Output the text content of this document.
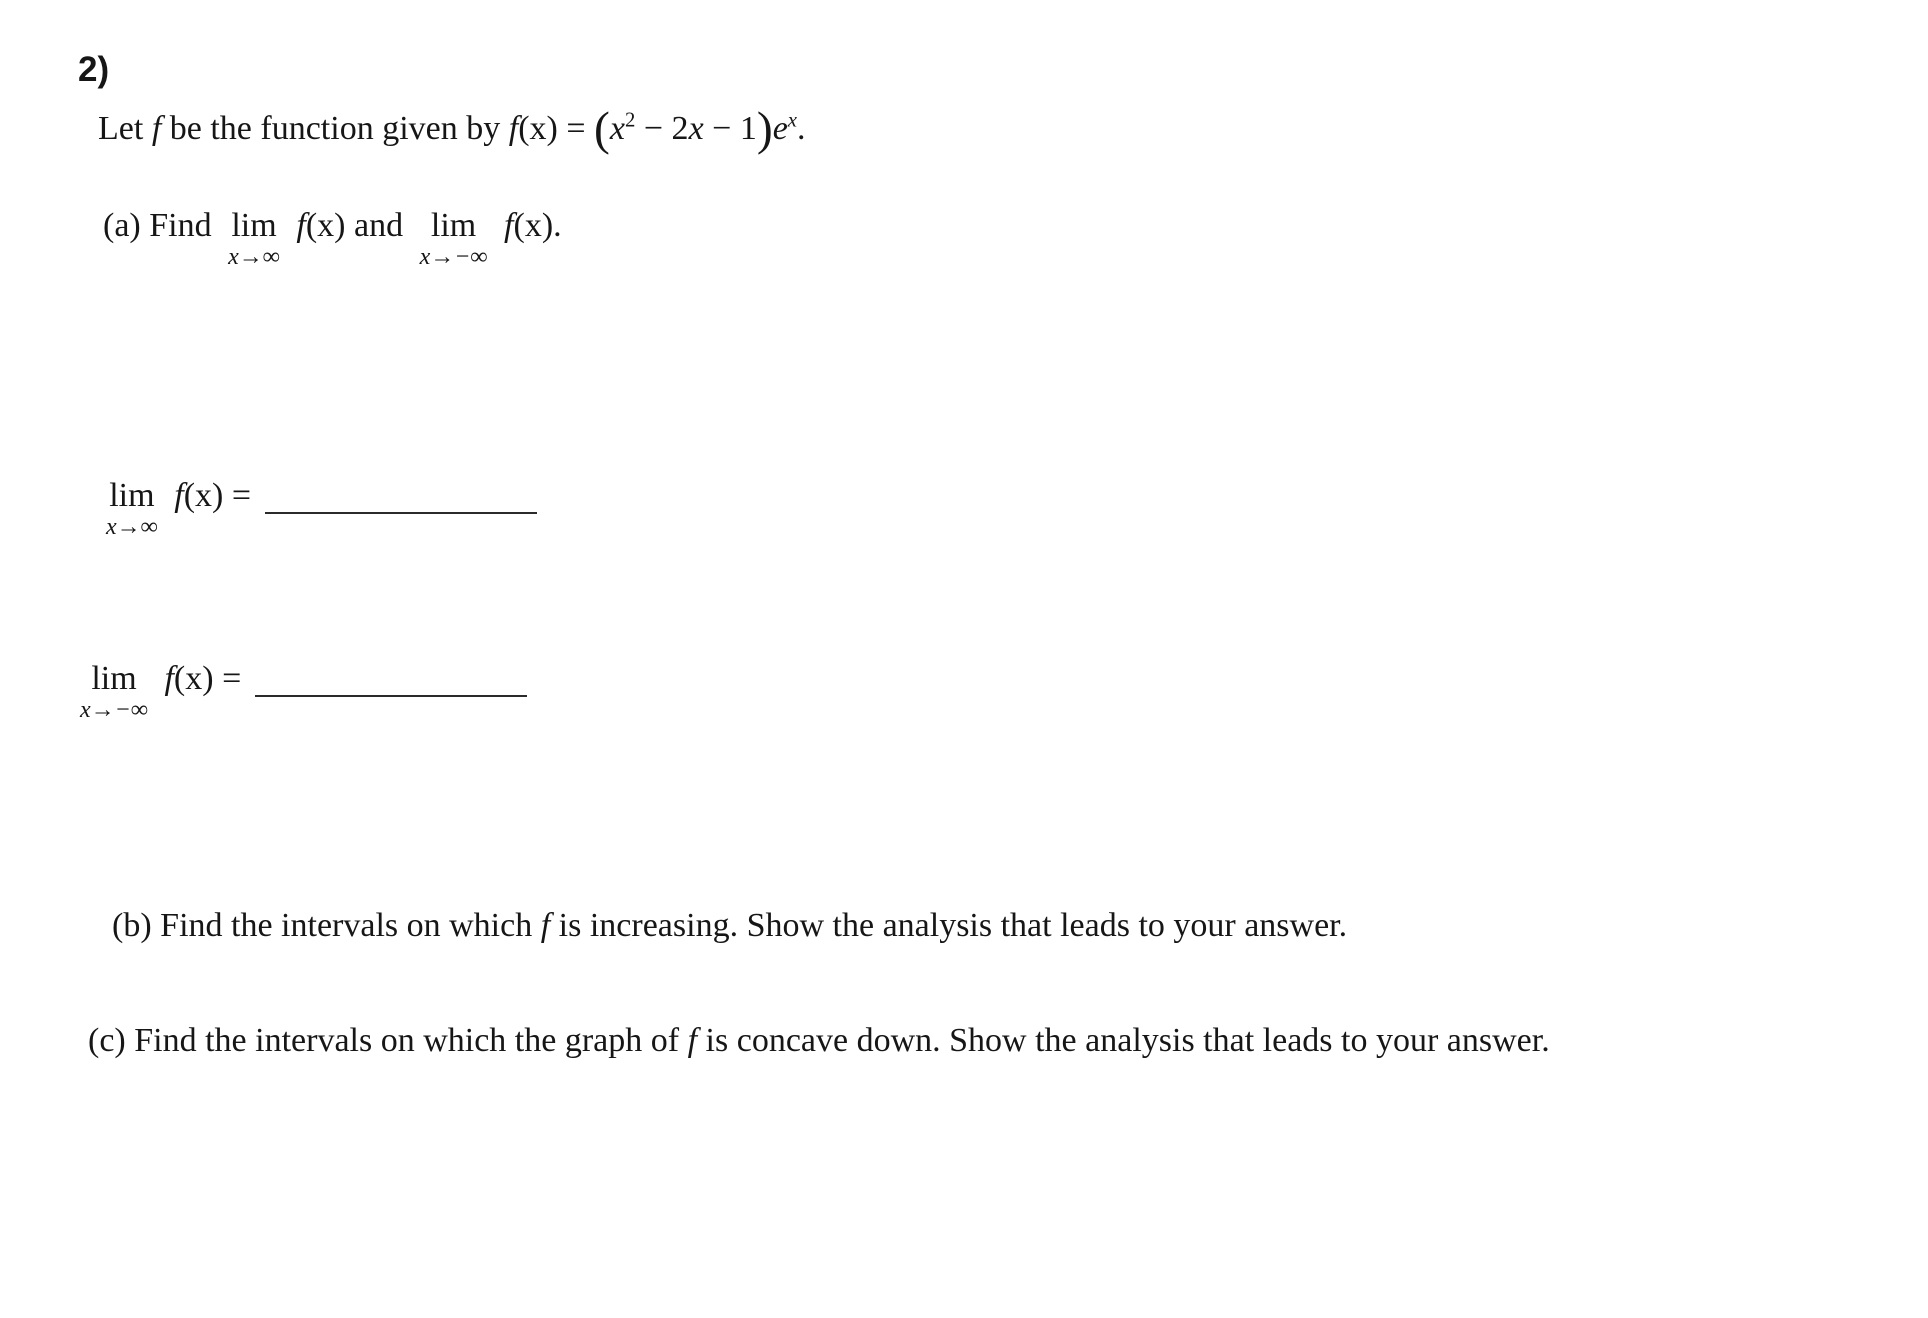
2)
Let f be the function given by $f(x) = (x^2 - 2x - 1)e^x$.
(a) Find lim
x→∞
f(x) and lim
x→−∞
f(x).
lim
x→∞
f(x) =
lim
x→−∞
f(x) =
(b) Find the intervals on which f is increasing. Show the analysis that leads to your answer.
(c) Find the intervals on which the graph of f is concave down. Show the analysis that leads to your answer.
